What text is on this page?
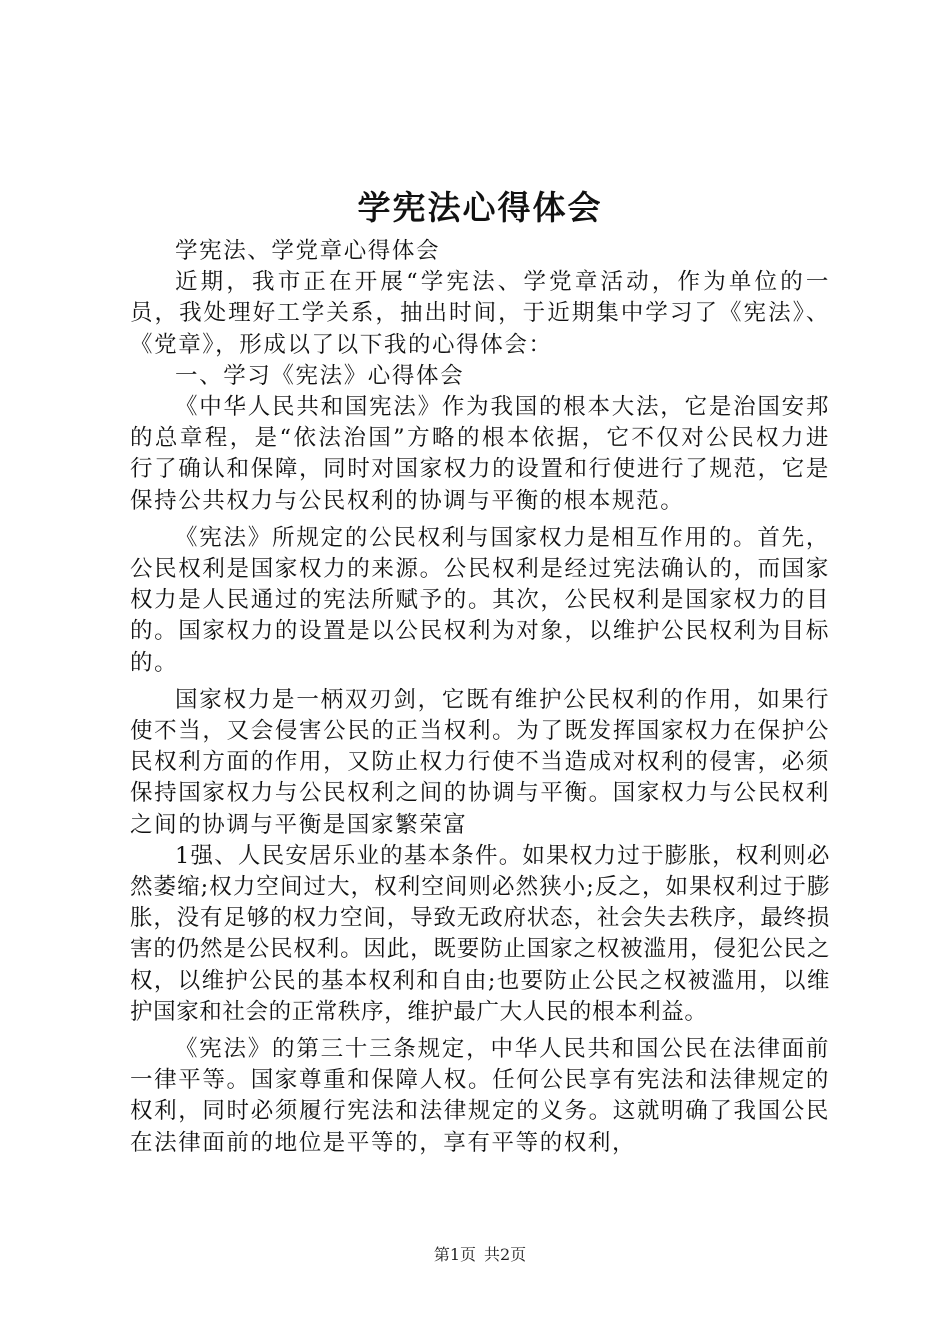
学宪法心得体会

学宪法、学党章心得体会

近期，我市正在开展“学宪法、学党章活动，作为单位的一员，我处理好工学关系，抽出时间，于近期集中学习了《宪法》、《党章》，形成以了以下我的心得体会：

一、学习《宪法》心得体会

《中华人民共和国宪法》作为我国的根本大法，它是治国安邦的总章程，是“依法治国”方略的根本依据，它不仅对公民权力进行了确认和保障，同时对国家权力的设置和行使进行了规范，它是保持公共权力与公民权利的协调与平衡的根本规范。

《宪法》所规定的公民权利与国家权力是相互作用的。首先，公民权利是国家权力的来源。公民权利是经过宪法确认的，而国家权力是人民通过的宪法所赋予的。其次，公民权利是国家权力的目的。国家权力的设置是以公民权利为对象，以维护公民权利为目标的。

国家权力是一柄双刃剑，它既有维护公民权利的作用，如果行使不当，又会侵害公民的正当权利。为了既发挥国家权力在保护公民权利方面的作用，又防止权力行使不当造成对权利的侵害，必须保持国家权力与公民权利之间的协调与平衡。国家权力与公民权利之间的协调与平衡是国家繁荣富

1强、人民安居乐业的基本条件。如果权力过于膨胀，权利则必然萎缩;权力空间过大，权利空间则必然狭小;反之，如果权利过于膨胀，没有足够的权力空间，导致无政府状态，社会失去秩序，最终损害的仍然是公民权利。因此，既要防止国家之权被滥用，侵犯公民之权，以维护公民的基本权利和自由;也要防止公民之权被滥用，以维护国家和社会的正常秩序，维护最广大人民的根本利益。

《宪法》的第三十三条规定，中华人民共和国公民在法律面前一律平等。国家尊重和保障人权。任何公民享有宪法和法律规定的权利，同时必须履行宪法和法律规定的义务。这就明确了我国公民在法律面前的地位是平等的，享有平等的权利，

第1页 共2页
